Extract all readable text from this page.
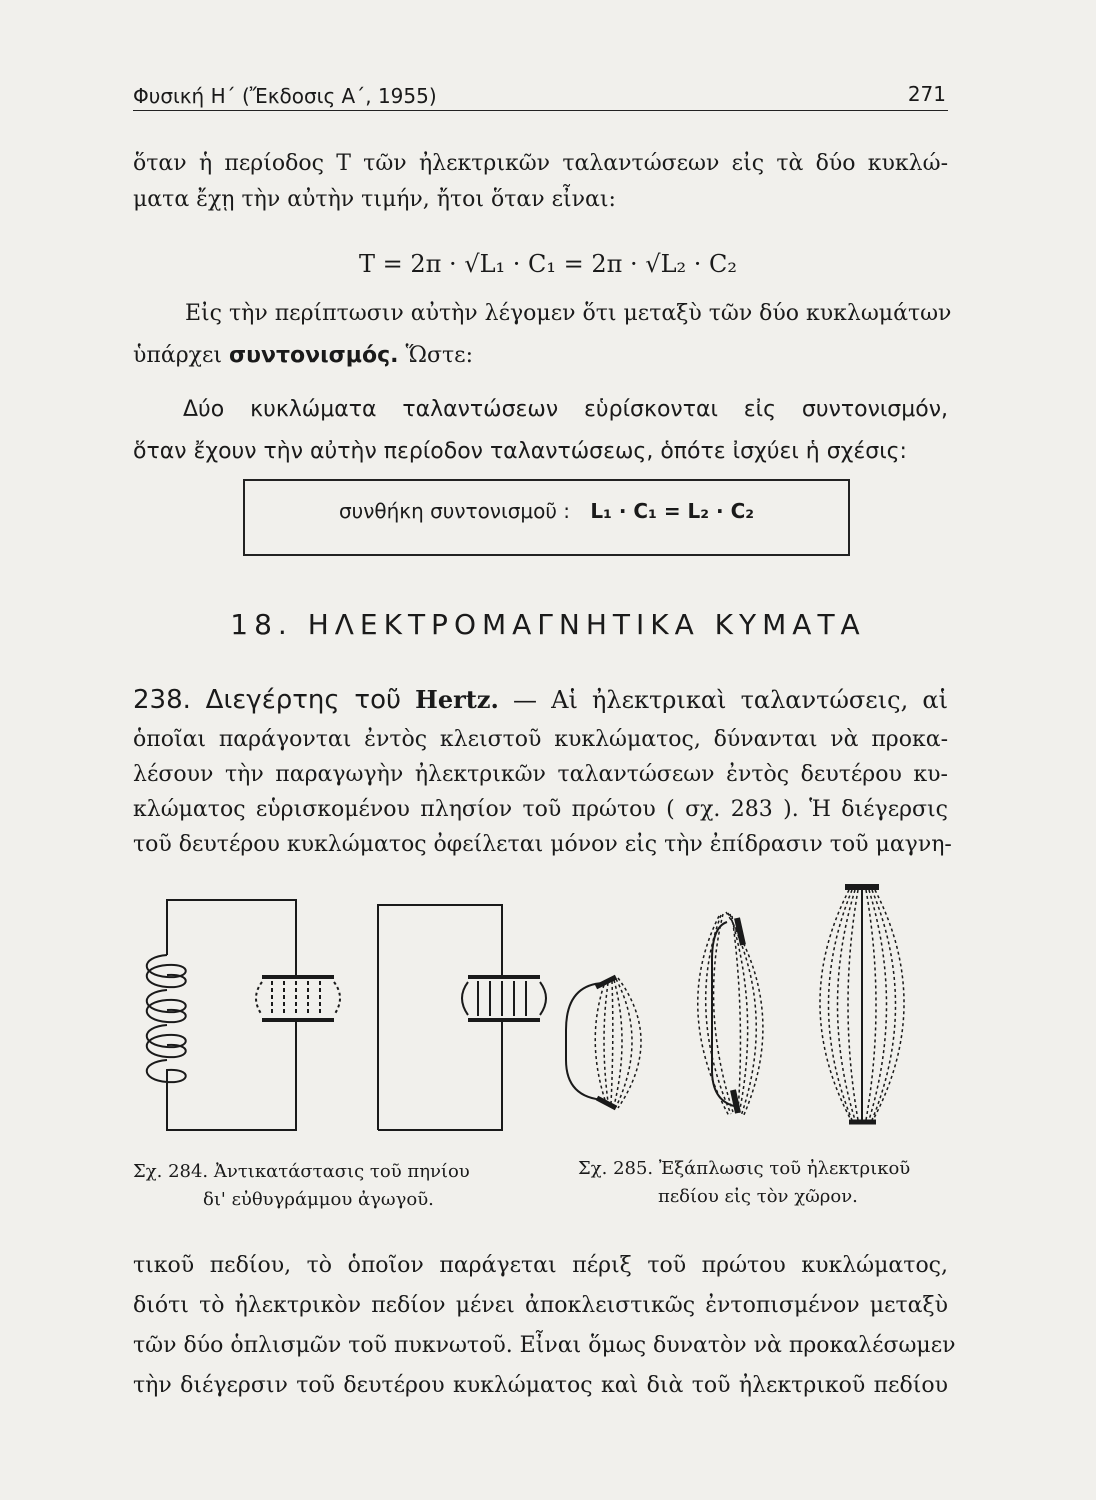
Φυσική Η΄ (Ἔκδοσις Α΄, 1955)	271
ὅταν ἡ περίοδος Τ τῶν ἠλεκτρικῶν ταλαντώσεων εἰς τὰ δύο κυκλώ-
ματα ἔχῃ τὴν αὐτὴν τιμήν, ἤτοι ὅταν εἶναι:
T = 2π · √L₁ · C₁ = 2π · √L₂ · C₂
Εἰς τὴν περίπτωσιν αὐτὴν λέγομεν ὅτι μεταξὺ τῶν δύο κυκλωμάτων
ὑπάρχει συντονισμός. Ὥστε:
Δύο κυκλώματα ταλαντώσεων εὑρίσκονται εἰς συντονισμόν,
ὅταν ἔχουν τὴν αὐτὴν περίοδον ταλαντώσεως, ὁπότε ἰσχύει ἡ σχέσις:
συνθήκη συντονισμοῦ : L₁ · C₁ = L₂ · C₂
18. ΗΛΕΚΤΡΟΜΑΓΝΗΤΙΚΑ ΚΥΜΑΤΑ
238. Διεγέρτης τοῦ Hertz. — Αἱ ἠλεκτρικαὶ ταλαντώσεις, αἱ
ὁποῖαι παράγονται ἐντὸς κλειστοῦ κυκλώματος, δύνανται νὰ προκα-
λέσουν τὴν παραγωγὴν ἠλεκτρικῶν ταλαντώσεων ἐντὸς δευτέρου κυ-
κλώματος εὑρισκομένου πλησίον τοῦ πρώτου ( σχ. 283 ). Ἡ διέγερσις
τοῦ δευτέρου κυκλώματος ὀφείλεται μόνον εἰς τὴν ἐπίδρασιν τοῦ μαγνη-
Σχ. 284. Ἀντικατάστασις τοῦ πηνίου
δι' εὐθυγράμμου ἀγωγοῦ.
Σχ. 285. Ἐξάπλωσις τοῦ ἠλεκτρικοῦ
πεδίου εἰς τὸν χῶρον.
τικοῦ πεδίου, τὸ ὁποῖον παράγεται πέριξ τοῦ πρώτου κυκλώματος,
διότι τὸ ἠλεκτρικὸν πεδίον μένει ἀποκλειστικῶς ἐντοπισμένον μεταξὺ
τῶν δύο ὁπλισμῶν τοῦ πυκνωτοῦ. Εἶναι ὅμως δυνατὸν νὰ προκαλέσωμεν
τὴν διέγερσιν τοῦ δευτέρου κυκλώματος καὶ διὰ τοῦ ἠλεκτρικοῦ πεδίου
